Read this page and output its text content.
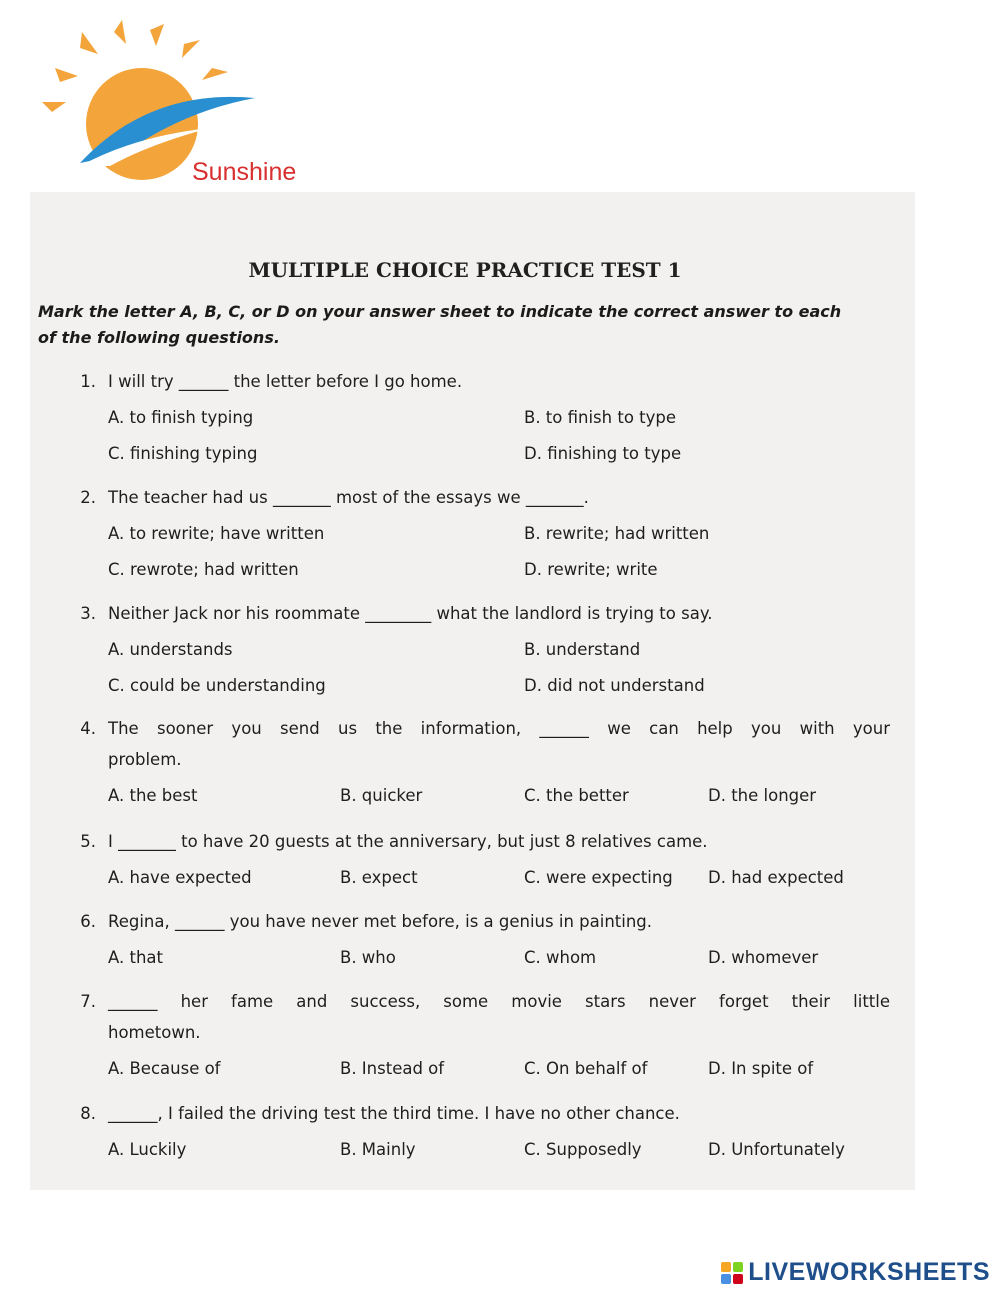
Sunshine
MULTIPLE CHOICE PRACTICE TEST 1
Mark the letter A, B, C, or D on your answer sheet to indicate the correct answer to each
of the following questions.
1. I will try ______ the letter before I go home.
A. to finish typing	B. to finish to type
C. finishing typing	D. finishing to type
2. The teacher had us _______ most of the essays we _______.
A. to rewrite; have written	B. rewrite; had written
C. rewrote; had written	D. rewrite; write
3. Neither Jack nor his roommate ________ what the landlord is trying to say.
A. understands	B. understand
C. could be understanding	D. did not understand
4. The sooner you send us the information, ______ we can help you with your
problem.
A. the best	B. quicker	C. the better	D. the longer
5. I _______ to have 20 guests at the anniversary, but just 8 relatives came.
A. have expected	B. expect	C. were expecting D. had expected
6. Regina, ______ you have never met before, is a genius in painting.
A. that	B. who	C. whom	D. whomever
7. ______ her fame and success, some movie stars never forget their little
hometown.
A. Because of	B. Instead of	C. On behalf of	D. In spite of
8. ______, I failed the driving test the third time. I have no other chance.
A. Luckily	B. Mainly	C. Supposedly	D. Unfortunately
LIVEWORKSHEETS
